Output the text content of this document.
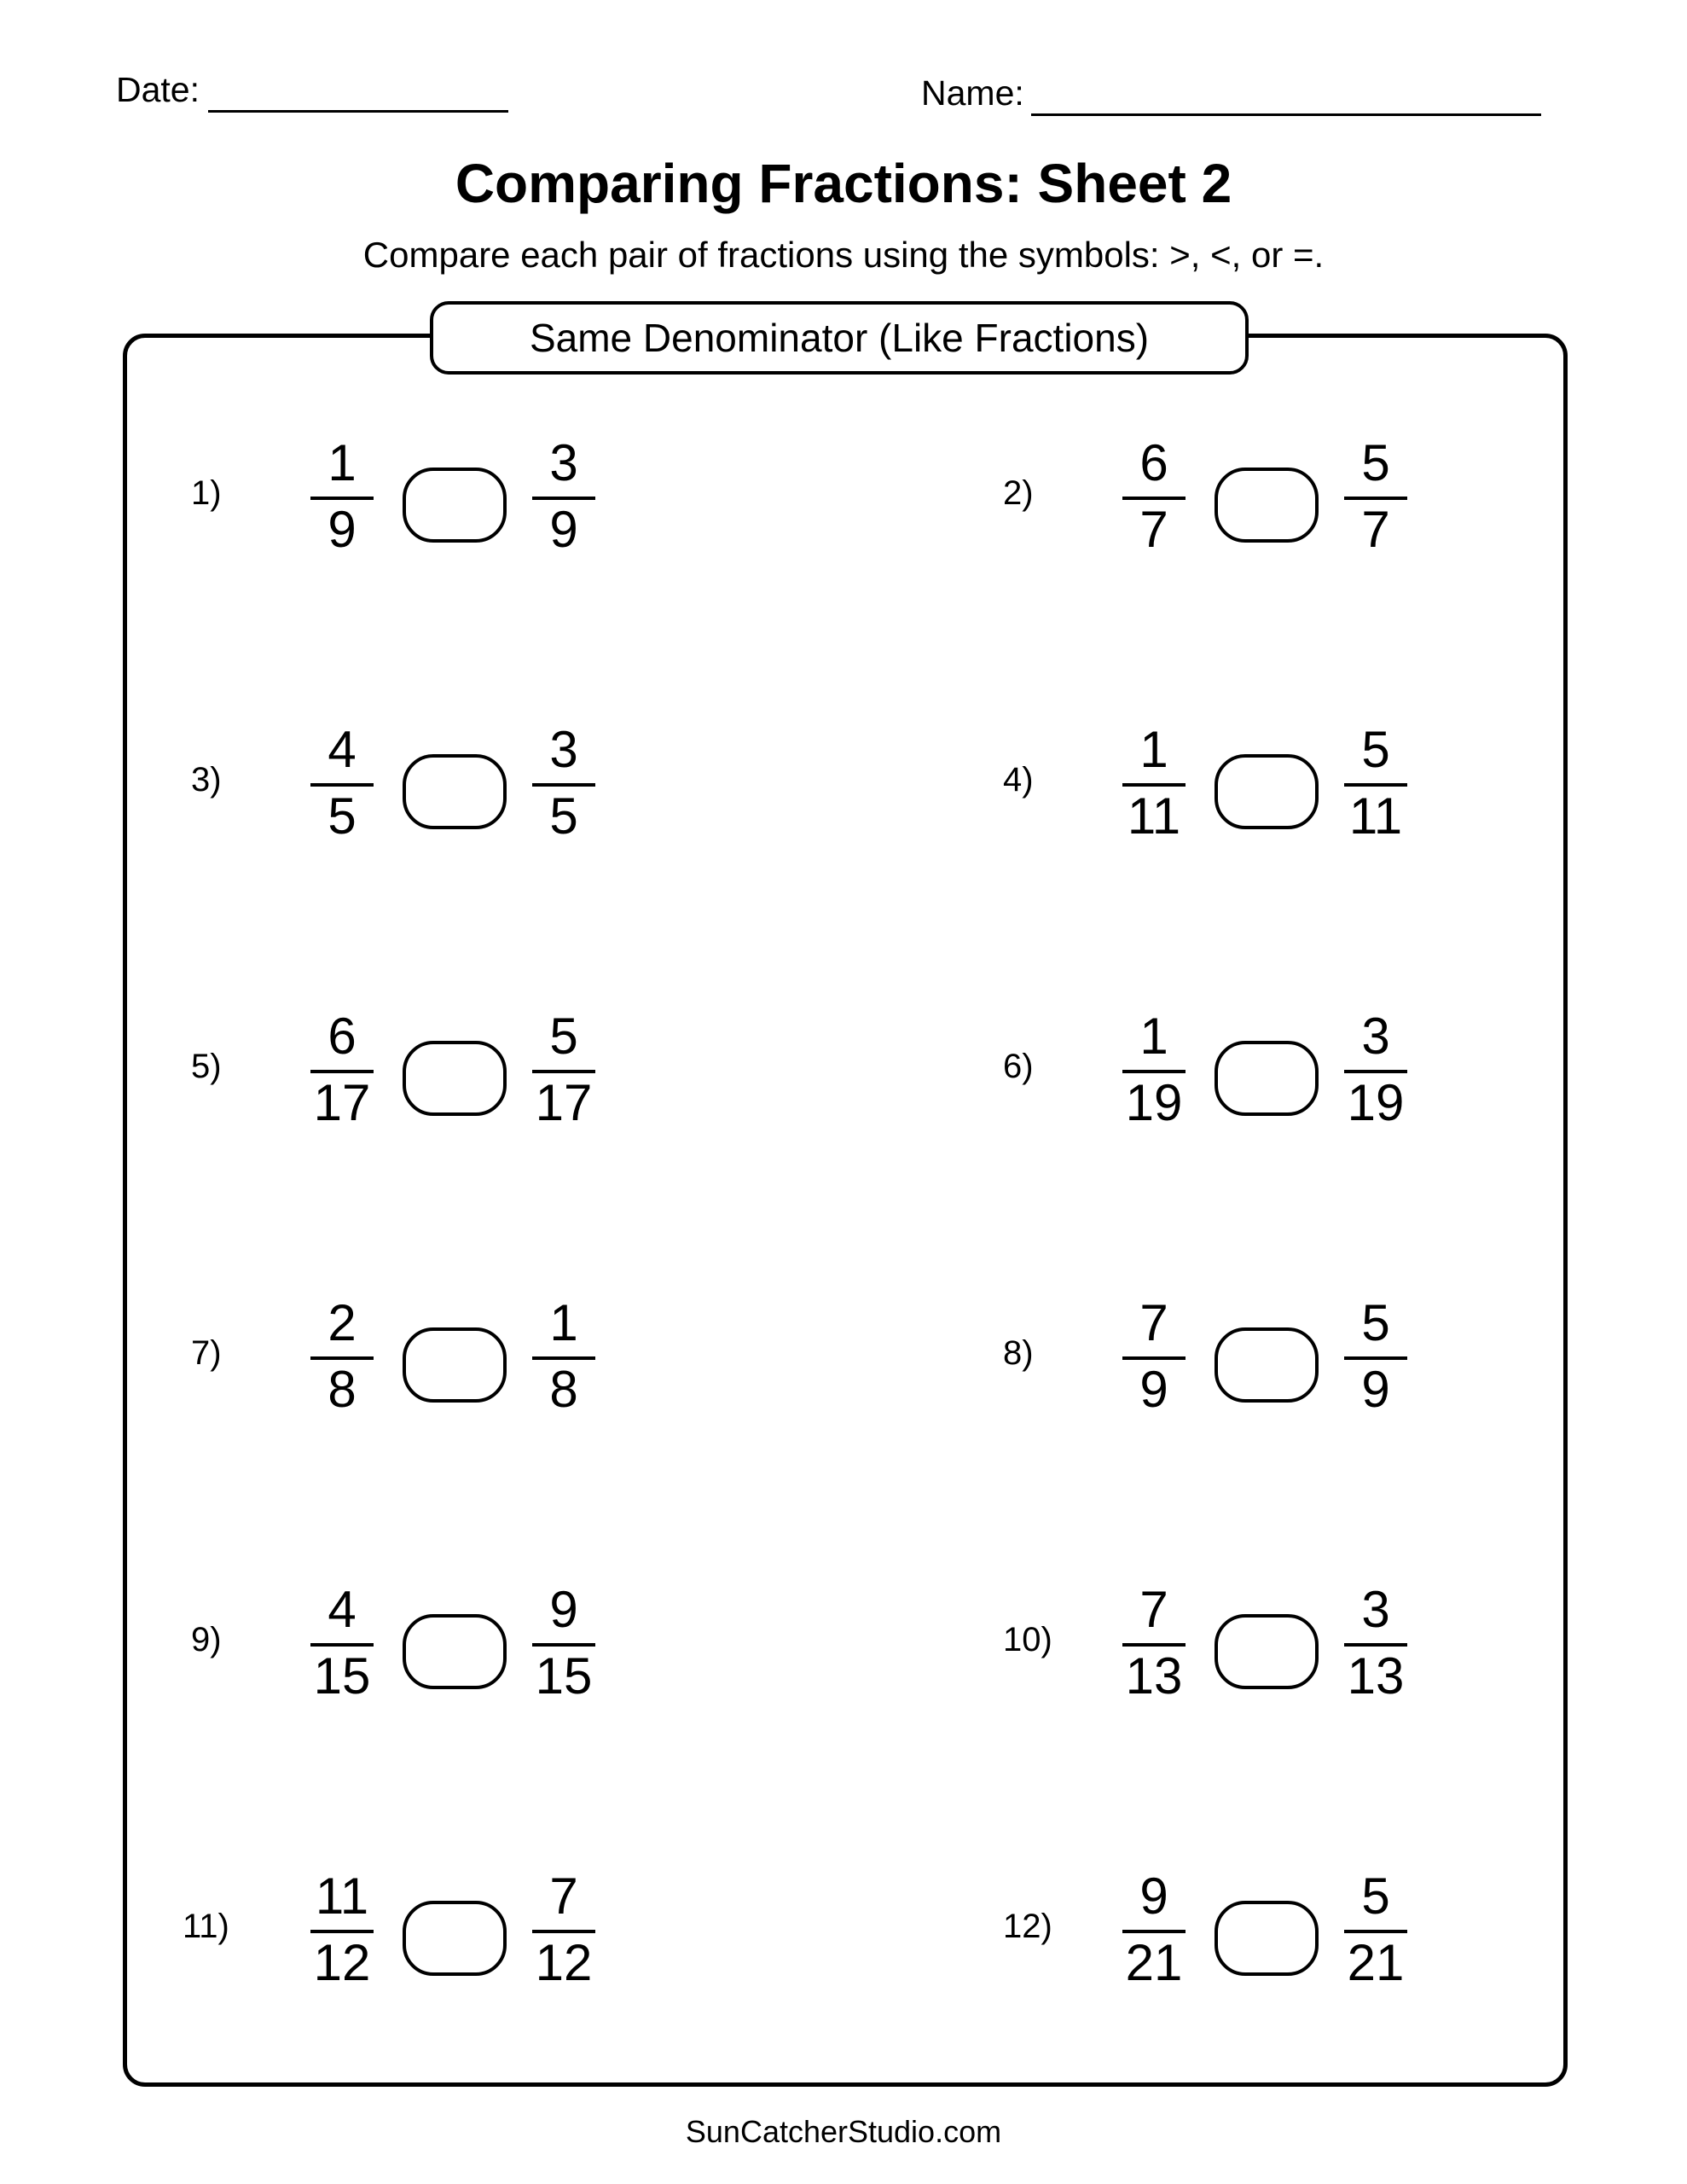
Date:	Name:
Comparing Fractions: Sheet 2
Compare each pair of fractions using the symbols: >, <, or =.
Same Denominator (Like Fractions)
1)
1
9
3
9
2)
6
7
5
7
3)
4
5
3
5
4)
1
11
5
11
5)
6
17
5
17
6)
1
19
3
19
7)
2
8
1
8
8)
7
9
5
9
9)
4
15
9
15
10)
7
13
3
13
11)
11
12
7
12
12)
9
21
5
21
SunCatcherStudio.com
